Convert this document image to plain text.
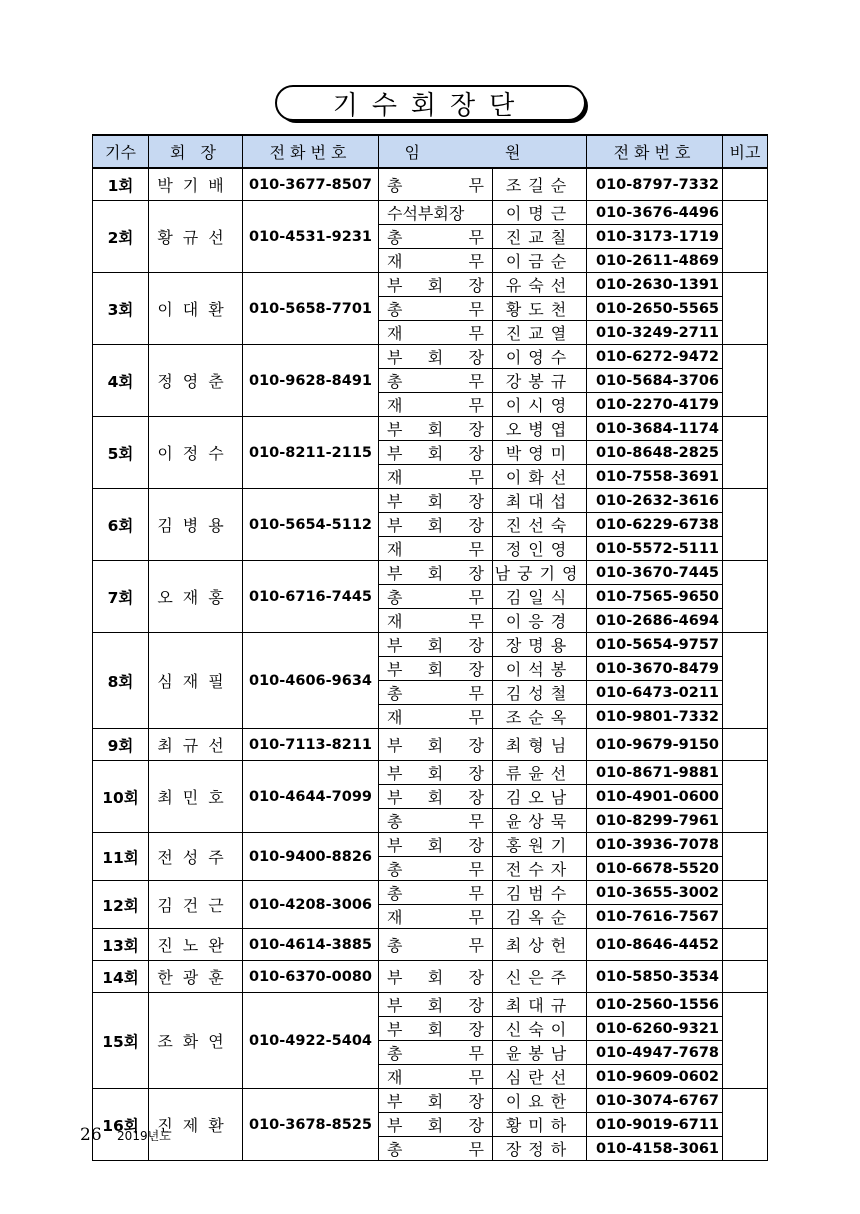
기수회장단
기수	회 장	전화번호	임 원		전화번호	비고
1회	박기배	010-3677-8507	총 무	조길순	010-8797-7332	
2회	황규선	010-4531-9231	수석부회장	이명근	010-3676-4496	

			총 무	진교칠	010-3173-1719	

			재 무	이금순	010-2611-4869	
3회	이대환	010-5658-7701	부 회 장	유숙선	010-2630-1391	

			총 무	황도천	010-2650-5565	

			재 무	진교열	010-3249-2711	
4회	정영춘	010-9628-8491	부 회 장	이영수	010-6272-9472	

			총 무	강봉규	010-5684-3706	

			재 무	이시영	010-2270-4179	
5회	이정수	010-8211-2115	부 회 장	오병엽	010-3684-1174	

			부 회 장	박영미	010-8648-2825	

			재 무	이화선	010-7558-3691	
6회	김병용	010-5654-5112	부 회 장	최대섭	010-2632-3616	

			부 회 장	진선숙	010-6229-6738	

			재 무	정인영	010-5572-5111	
7회	오재홍	010-6716-7445	부 회 장	남궁기영	010-3670-7445	

			총 무	김일식	010-7565-9650	

			재 무	이응경	010-2686-4694	
8회	심재필	010-4606-9634	부 회 장	장명용	010-5654-9757	

			부 회 장	이석봉	010-3670-8479	

			총 무	김성철	010-6473-0211	

			재 무	조순옥	010-9801-7332	
9회	최규선	010-7113-8211	부 회 장	최형님	010-9679-9150	
10회	최민호	010-4644-7099	부 회 장	류윤선	010-8671-9881	

			부 회 장	김오남	010-4901-0600	

			총 무	윤상묵	010-8299-7961	
11회	전성주	010-9400-8826	부 회 장	홍원기	010-3936-7078	

			총 무	전수자	010-6678-5520	
12회	김건근	010-4208-3006	총 무	김범수	010-3655-3002	

			재 무	김옥순	010-7616-7567	
13회	진노완	010-4614-3885	총 무	최상헌	010-8646-4452	
14회	한광훈	010-6370-0080	부 회 장	신은주	010-5850-3534	
15회	조화연	010-4922-5404	부 회 장	최대규	010-2560-1556	

			부 회 장	신숙이	010-6260-9321	

			총 무	윤봉남	010-4947-7678	

			재 무	심란선	010-9609-0602	
16회	진제환	010-3678-8525	부 회 장	이요한	010-3074-6767	

			부 회 장	황미하	010-9019-6711	

			총 무	장정하	010-4158-3061	
26 2019년도
